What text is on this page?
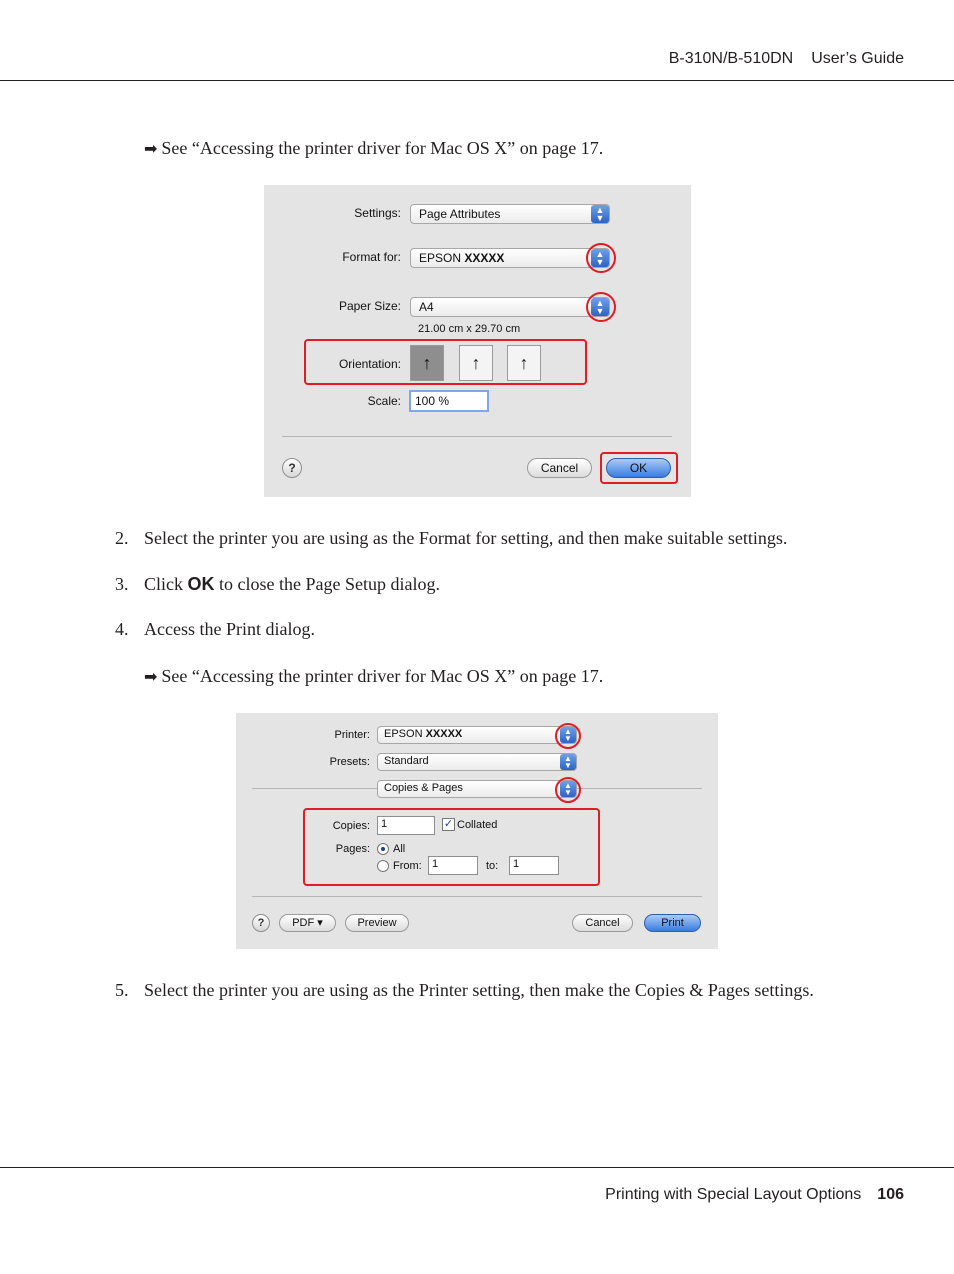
B-310N/B-510DN User’s Guide
➡ See “Accessing the printer driver for Mac OS X” on page 17.
Settings:	Page Attributes	▲
▼
Format for:	EPSON XXXXX	▲
▼
Paper Size:	A4	▲
▼
21.00 cm x 29.70 cm
Orientation:	↑	↑	↑
Scale:	100 %
?	Cancel	OK
2. Select the printer you are using as the Format for setting, and then make suitable settings.
3. Click OK to close the Page Setup dialog.
4. Access the Print dialog.
➡ See “Accessing the printer driver for Mac OS X” on page 17.
Printer:	EPSON XXXXX	▲
▼
Presets:	Standard	▲
▼
Copies & Pages	▲
▼
Copies:	1	✓ Collated
Pages: All
From: 1	to:	1
?	PDF ▾	Preview	Cancel	Print
5. Select the printer you are using as the Printer setting, then make the Copies & Pages settings.
Printing with Special Layout Options 106
